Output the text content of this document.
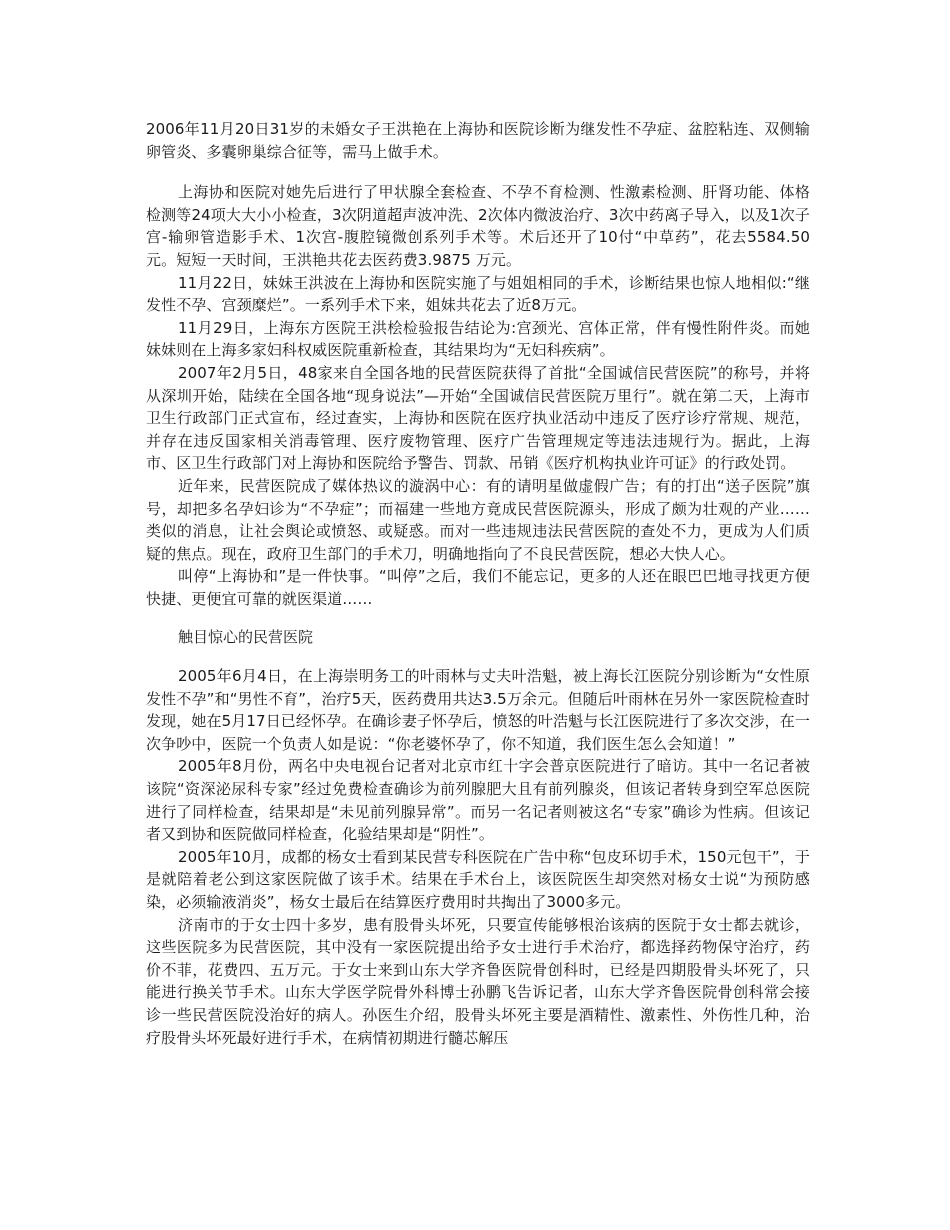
2006年11月20日31岁的未婚女子王洪艳在上海协和医院诊断为继发性不孕症、盆腔粘连、双侧输卵管炎、多囊卵巢综合征等，需马上做手术。

上海协和医院对她先后进行了甲状腺全套检查、不孕不育检测、性激素检测、肝肾功能、体格检测等24项大大小小检查，3次阴道超声波冲洗、2次体内微波治疗、3次中药离子导入，以及1次子宫-输卵管造影手术、1次宫-腹腔镜微创系列手术等。术后还开了10付“中草药”，花去5584.50 元。短短一天时间，王洪艳共花去医药费3.9875 万元。

11月22日，妹妹王洪波在上海协和医院实施了与姐姐相同的手术，诊断结果也惊人地相似:“继发性不孕、宫颈糜烂”。一系列手术下来，姐妹共花去了近8万元。

11月29日，上海东方医院王洪桧检验报告结论为:宫颈光、宫体正常，伴有慢性附件炎。而她妹妹则在上海多家妇科权威医院重新检查，其结果均为“无妇科疾病”。

2007年2月5日，48家来自全国各地的民营医院获得了首批“全国诚信民营医院”的称号，并将从深圳开始，陆续在全国各地“现身说法”—开始“全国诚信民营医院万里行”。就在第二天，上海市卫生行政部门正式宣布，经过查实，上海协和医院在医疗执业活动中违反了医疗诊疗常规、规范，并存在违反国家相关消毒管理、医疗废物管理、医疗广告管理规定等违法违规行为。据此，上海市、区卫生行政部门对上海协和医院给予警告、罚款、吊销《医疗机构执业许可证》的行政处罚。

近年来，民营医院成了媒体热议的漩涡中心：有的请明星做虚假广告；有的打出“送子医院”旗号，却把多名孕妇诊为“不孕症”；而福建一些地方竟成民营医院源头，形成了颇为壮观的产业……类似的消息，让社会舆论或愤怒、或疑惑。而对一些违规违法民营医院的查处不力，更成为人们质疑的焦点。现在，政府卫生部门的手术刀，明确地指向了不良民营医院，想必大快人心。

叫停“上海协和”是一件快事。“叫停”之后，我们不能忘记，更多的人还在眼巴巴地寻找更方便快捷、更便宜可靠的就医渠道……

触目惊心的民营医院

2005年6月4日，在上海崇明务工的叶雨林与丈夫叶浩魁，被上海长江医院分别诊断为“女性原发性不孕”和“男性不育”，治疗5天，医药费用共达3.5万余元。但随后叶雨林在另外一家医院检查时发现，她在5月17日已经怀孕。在确诊妻子怀孕后，愤怒的叶浩魁与长江医院进行了多次交涉，在一次争吵中，医院一个负责人如是说：“你老婆怀孕了，你不知道，我们医生怎么会知道！”

2005年8月份，两名中央电视台记者对北京市红十字会普京医院进行了暗访。其中一名记者被该院“资深泌尿科专家”经过免费检查确诊为前列腺肥大且有前列腺炎，但该记者转身到空军总医院进行了同样检查，结果却是“未见前列腺异常”。而另一名记者则被这名“专家”确诊为性病。但该记者又到协和医院做同样检查，化验结果却是“阴性”。

2005年10月，成都的杨女士看到某民营专科医院在广告中称“包皮环切手术，150元包干”，于是就陪着老公到这家医院做了该手术。结果在手术台上，该医院医生却突然对杨女士说“为预防感染，必须输液消炎”，杨女士最后在结算医疗费用时共掏出了3000多元。

济南市的于女士四十多岁，患有股骨头坏死，只要宣传能够根治该病的医院于女士都去就诊，这些医院多为民营医院，其中没有一家医院提出给予女士进行手术治疗，都选择药物保守治疗，药价不菲，花费四、五万元。于女士来到山东大学齐鲁医院骨创科时，已经是四期股骨头坏死了，只能进行换关节手术。山东大学医学院骨外科博士孙鹏飞告诉记者，山东大学齐鲁医院骨创科常会接诊一些民营医院没治好的病人。孙医生介绍，股骨头坏死主要是酒精性、激素性、外伤性几种，治疗股骨头坏死最好进行手术，在病情初期进行髓芯解压
